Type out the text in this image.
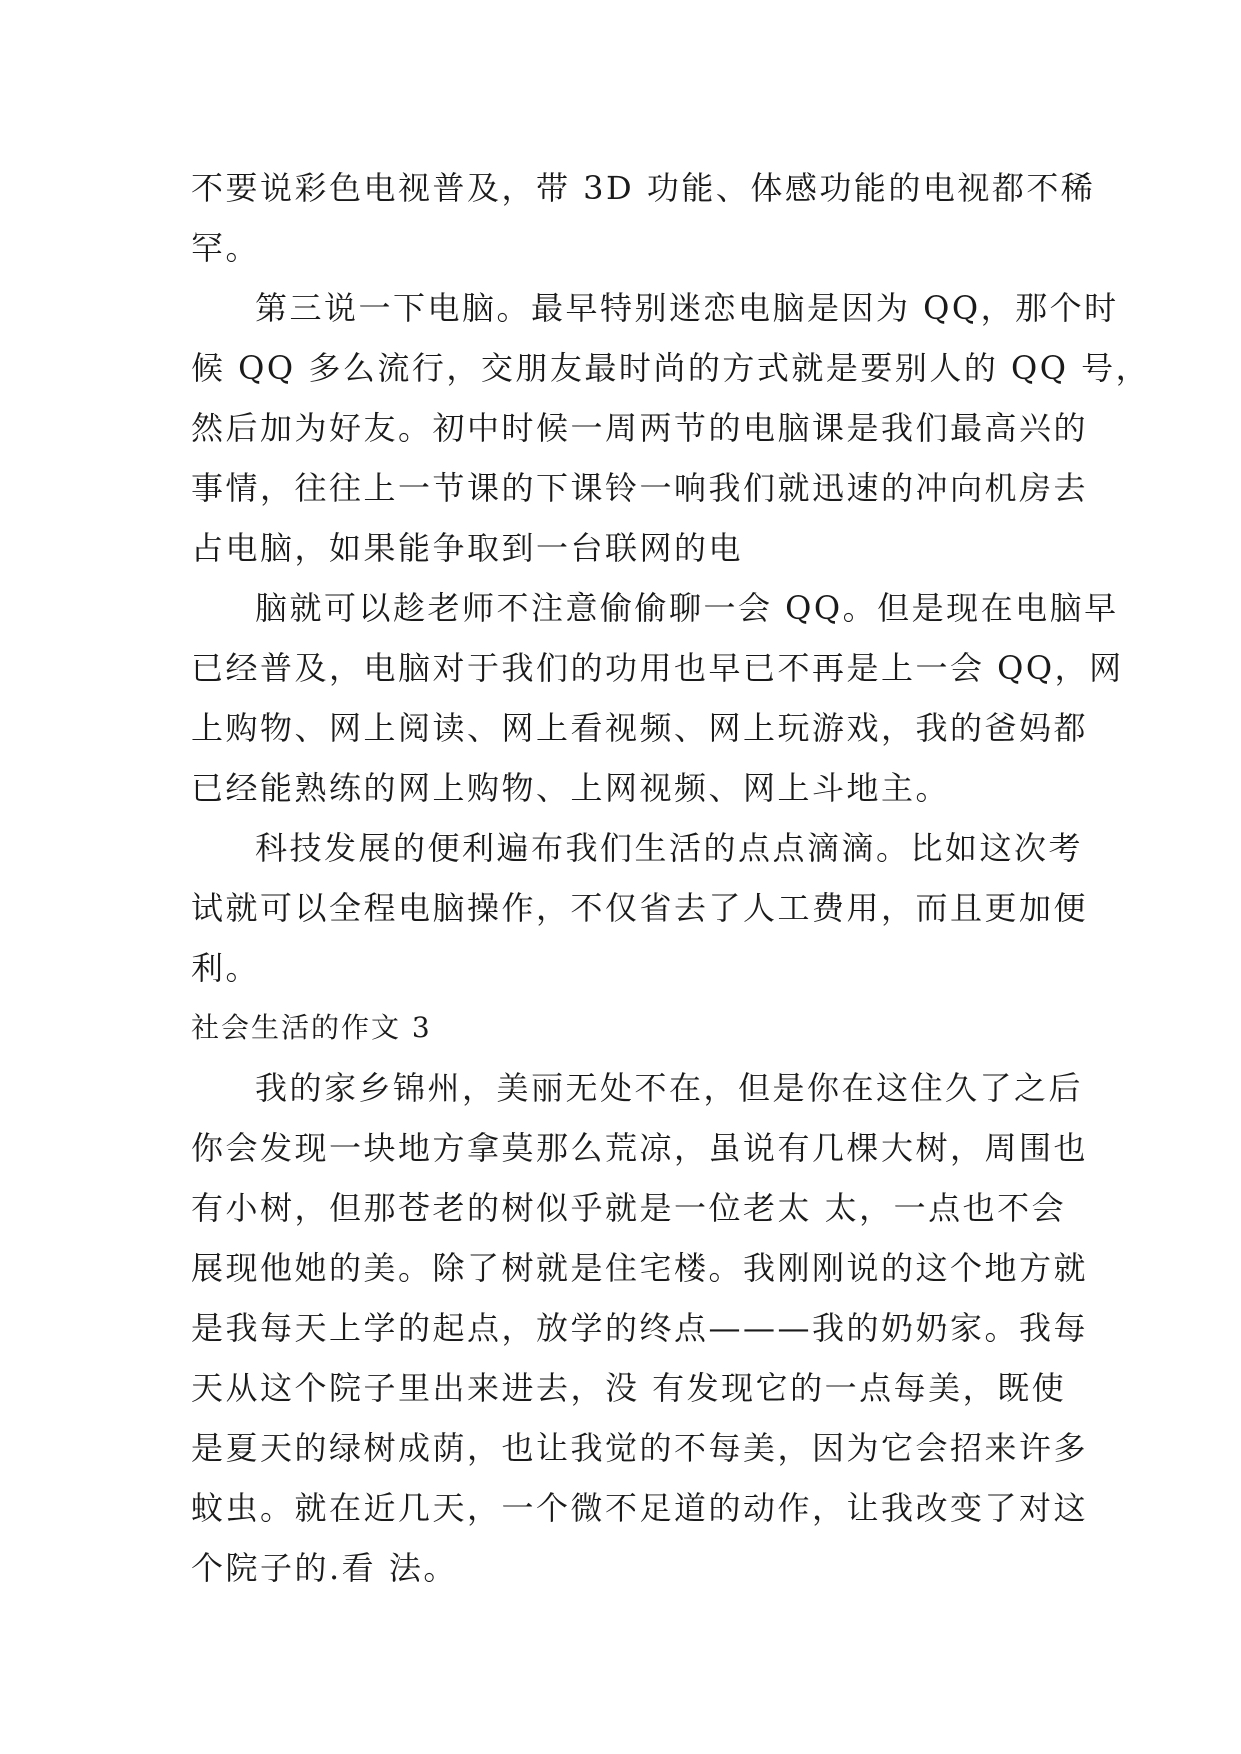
不要说彩色电视普及，带 3D 功能、体感功能的电视都不稀
罕。
第三说一下电脑。最早特别迷恋电脑是因为 QQ，那个时
候 QQ 多么流行，交朋友最时尚的方式就是要别人的 QQ 号，
然后加为好友。初中时候一周两节的电脑课是我们最高兴的
事情，往往上一节课的下课铃一响我们就迅速的冲向机房去
占电脑，如果能争取到一台联网的电
脑就可以趁老师不注意偷偷聊一会 QQ。但是现在电脑早
已经普及，电脑对于我们的功用也早已不再是上一会 QQ，网
上购物、网上阅读、网上看视频、网上玩游戏，我的爸妈都
已经能熟练的网上购物、上网视频、网上斗地主。
科技发展的便利遍布我们生活的点点滴滴。比如这次考
试就可以全程电脑操作，不仅省去了人工费用，而且更加便
利。
社会生活的作文 3
我的家乡锦州，美丽无处不在，但是你在这住久了之后
你会发现一块地方拿莫那么荒凉，虽说有几棵大树，周围也
有小树，但那苍老的树似乎就是一位老太 太，一点也不会
展现他她的美。除了树就是住宅楼。我刚刚说的这个地方就
是我每天上学的起点，放学的终点———我的奶奶家。我每
天从这个院子里出来进去，没 有发现它的一点每美，既使
是夏天的绿树成荫，也让我觉的不每美，因为它会招来许多
蚊虫。就在近几天，一个微不足道的动作，让我改变了对这
个院子的.看 法。
